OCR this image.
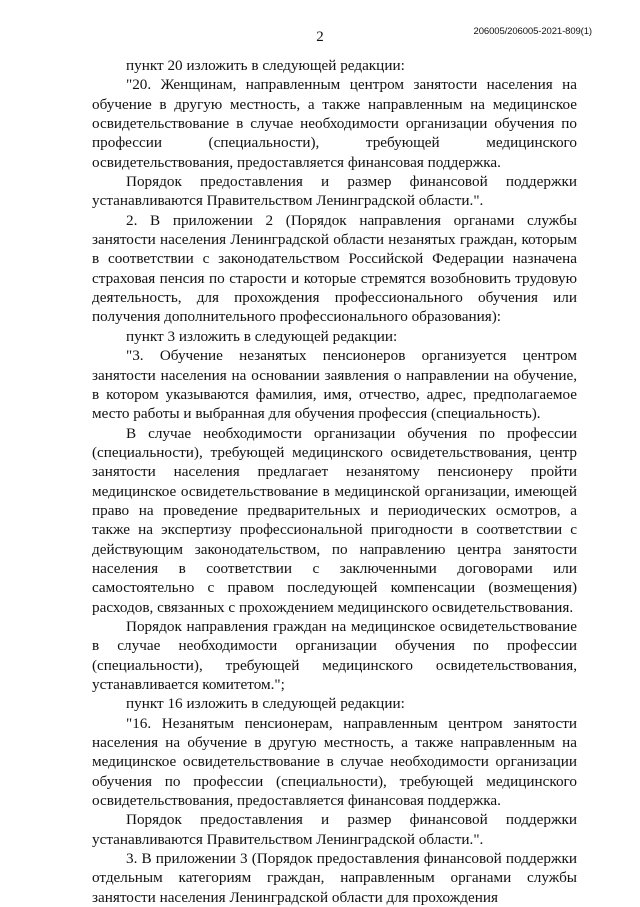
2	206005/206005-2021-809(1)

пункт 20 изложить в следующей редакции:

"20. Женщинам, направленным центром занятости населения на обучение в другую местность, а также направленным на медицинское освидетельствование в случае необходимости организации обучения по профессии (специальности), требующей медицинского освидетельствования, предоставляется финансовая поддержка.

Порядок предоставления и размер финансовой поддержки устанавливаются Правительством Ленинградской области.".

2. В приложении 2 (Порядок направления органами службы занятости населения Ленинградской области незанятых граждан, которым в соответствии с законодательством Российской Федерации назначена страховая пенсия по старости и которые стремятся возобновить трудовую деятельность, для прохождения профессионального обучения или получения дополнительного профессионального образования):

пункт 3 изложить в следующей редакции:

"3. Обучение незанятых пенсионеров организуется центром занятости населения на основании заявления о направлении на обучение, в котором указываются фамилия, имя, отчество, адрес, предполагаемое место работы и выбранная для обучения профессия (специальность).

В случае необходимости организации обучения по профессии (специальности), требующей медицинского освидетельствования, центр занятости населения предлагает незанятому пенсионеру пройти медицинское освидетельствование в медицинской организации, имеющей право на проведение предварительных и периодических осмотров, а также на экспертизу профессиональной пригодности в соответствии с действующим законодательством, по направлению центра занятости населения в соответствии с заключенными договорами или самостоятельно с правом последующей компенсации (возмещения) расходов, связанных с прохождением медицинского освидетельствования.

Порядок направления граждан на медицинское освидетельствование в случае необходимости организации обучения по профессии (специальности), требующей медицинского освидетельствования, устанавливается комитетом.";

пункт 16 изложить в следующей редакции:

"16. Незанятым пенсионерам, направленным центром занятости населения на обучение в другую местность, а также направленным на медицинское освидетельствование в случае необходимости организации обучения по профессии (специальности), требующей медицинского освидетельствования, предоставляется финансовая поддержка.

Порядок предоставления и размер финансовой поддержки устанавливаются Правительством Ленинградской области.".

3. В приложении 3 (Порядок предоставления финансовой поддержки отдельным категориям граждан, направленным органами службы занятости населения Ленинградской области для прохождения
